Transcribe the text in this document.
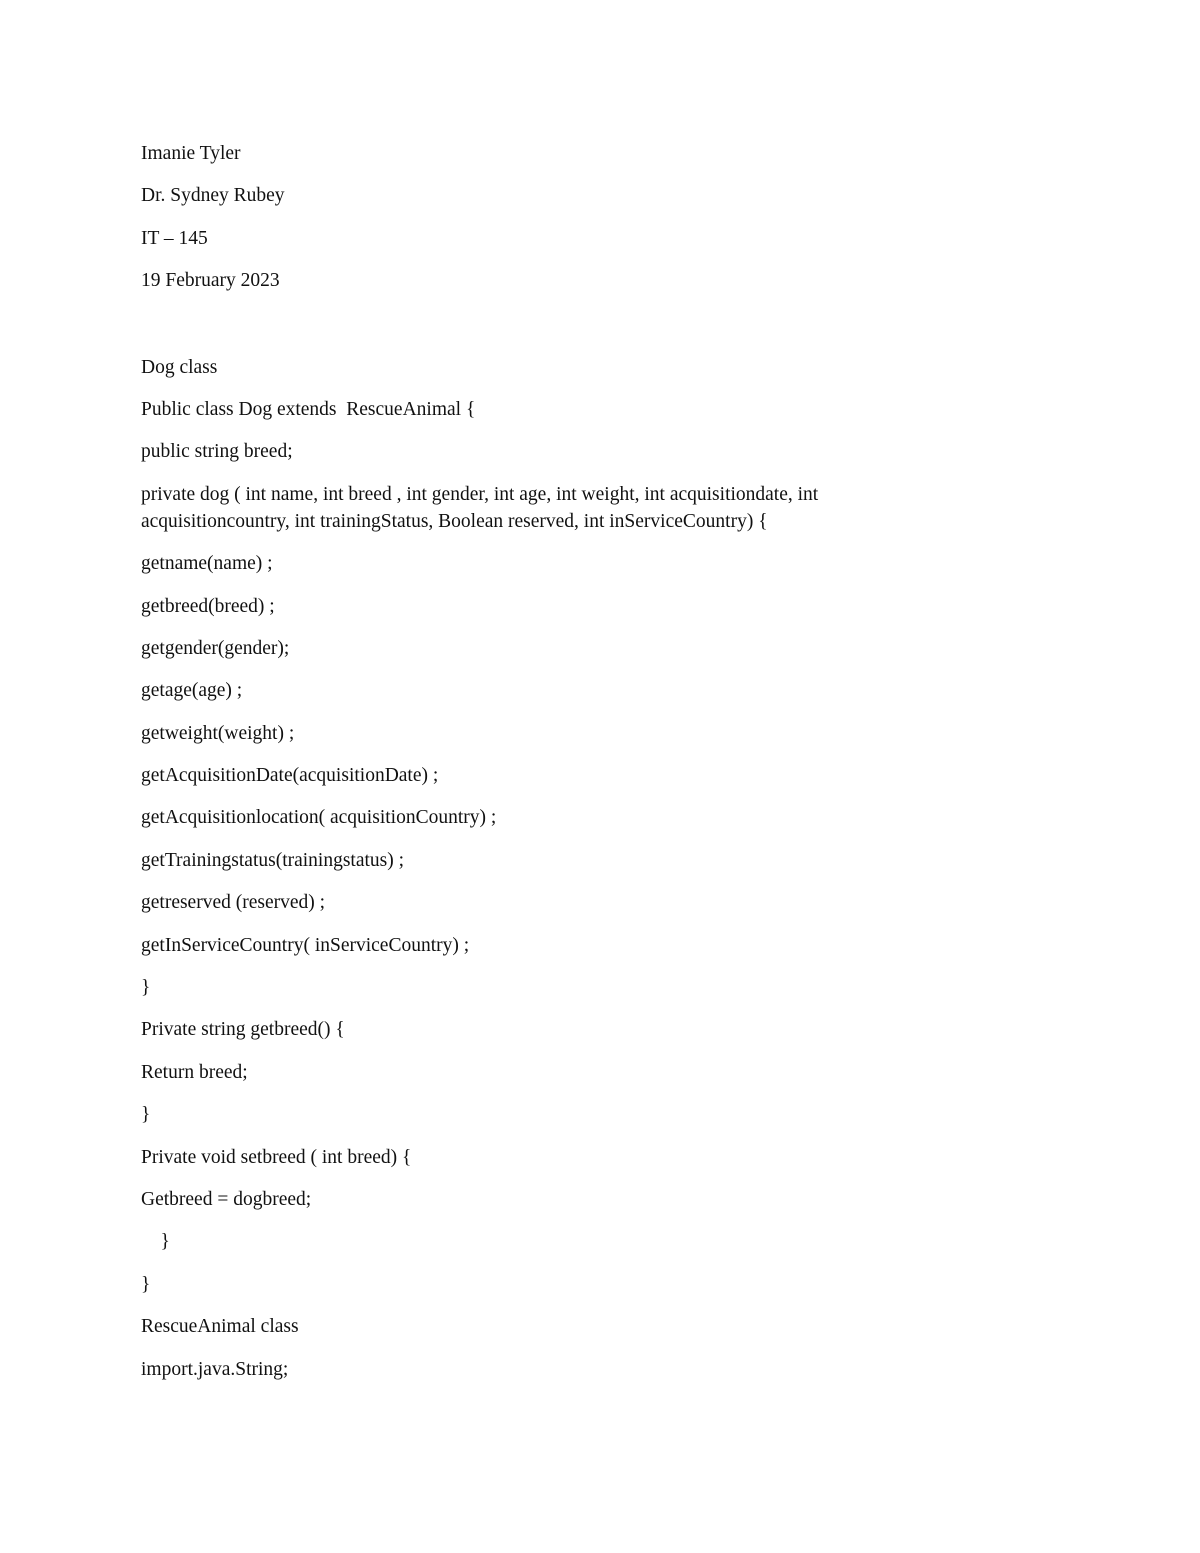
Imanie Tyler

Dr. Sydney Rubey

IT – 145

19 February 2023

Dog class

Public class Dog extends  RescueAnimal {

public string breed;

private dog ( int name, int breed , int gender, int age, int weight, int acquisitiondate, int acquisitioncountry, int trainingStatus, Boolean reserved, int inServiceCountry) {

getname(name) ;

getbreed(breed) ;

getgender(gender);

getage(age) ;

getweight(weight) ;

getAcquisitionDate(acquisitionDate) ;

getAcquisitionlocation( acquisitionCountry) ;

getTrainingstatus(trainingstatus) ;

getreserved (reserved) ;

getInServiceCountry( inServiceCountry) ;

}

Private string getbreed() {

Return breed;

}

Private void setbreed ( int breed) {

Getbreed = dogbreed;

}

}

RescueAnimal class

import.java.String;
